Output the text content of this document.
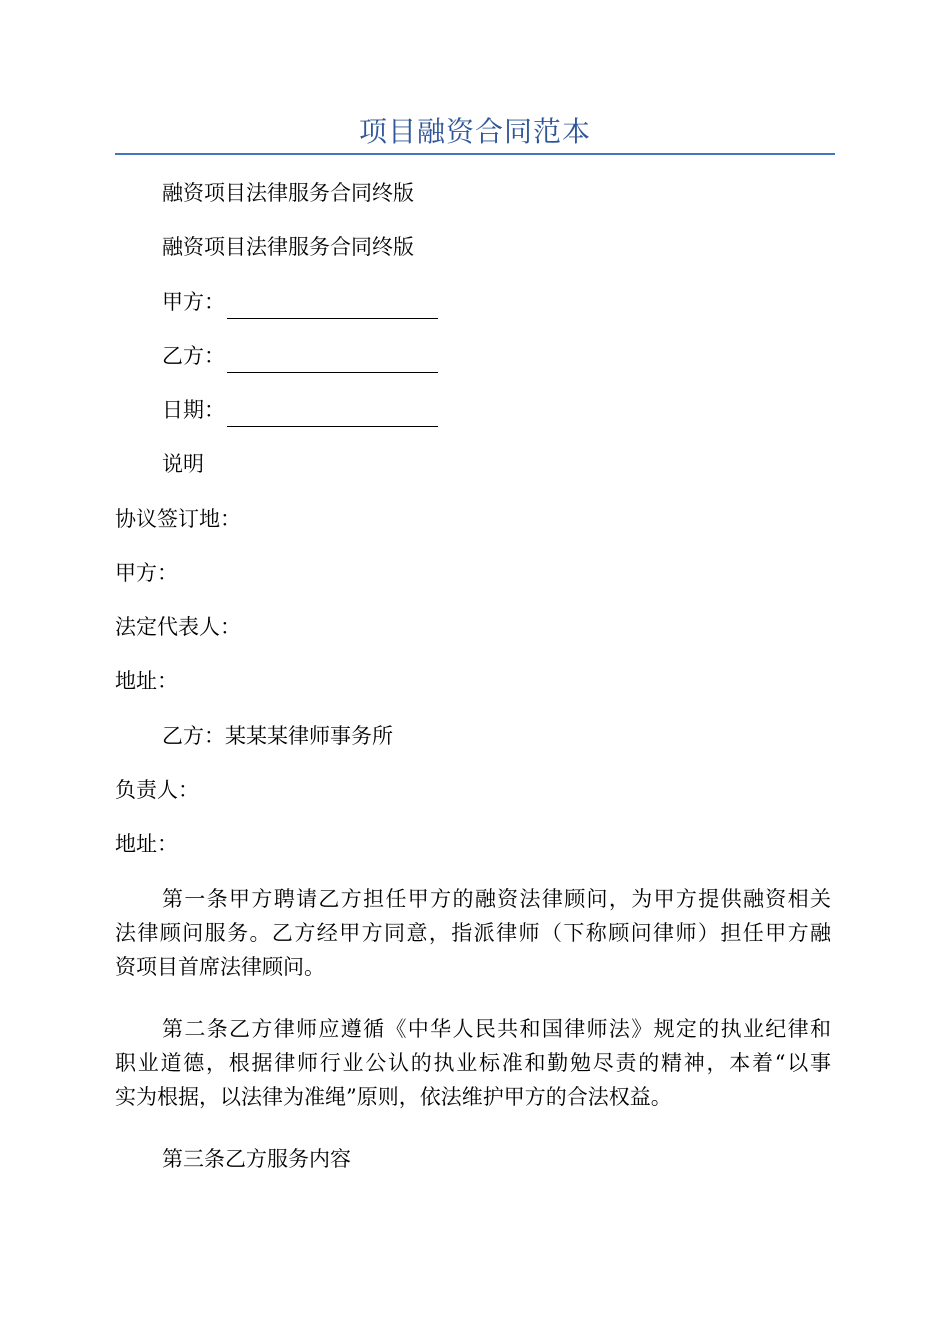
项目融资合同范本
融资项目法律服务合同终版
融资项目法律服务合同终版
甲方：
乙方：
日期：
说明
协议签订地：
甲方：
法定代表人：
地址：
乙方：某某某律师事务所
负责人：
地址：
第一条甲方聘请乙方担任甲方的融资法律顾问，为甲方提供融资相关
法律顾问服务。乙方经甲方同意，指派律师（下称顾问律师）担任甲方融
资项目首席法律顾问。
第二条乙方律师应遵循《中华人民共和国律师法》规定的执业纪律和
职业道德，根据律师行业公认的执业标准和勤勉尽责的精神，本着“以事
实为根据，以法律为准绳”原则，依法维护甲方的合法权益。
第三条乙方服务内容
